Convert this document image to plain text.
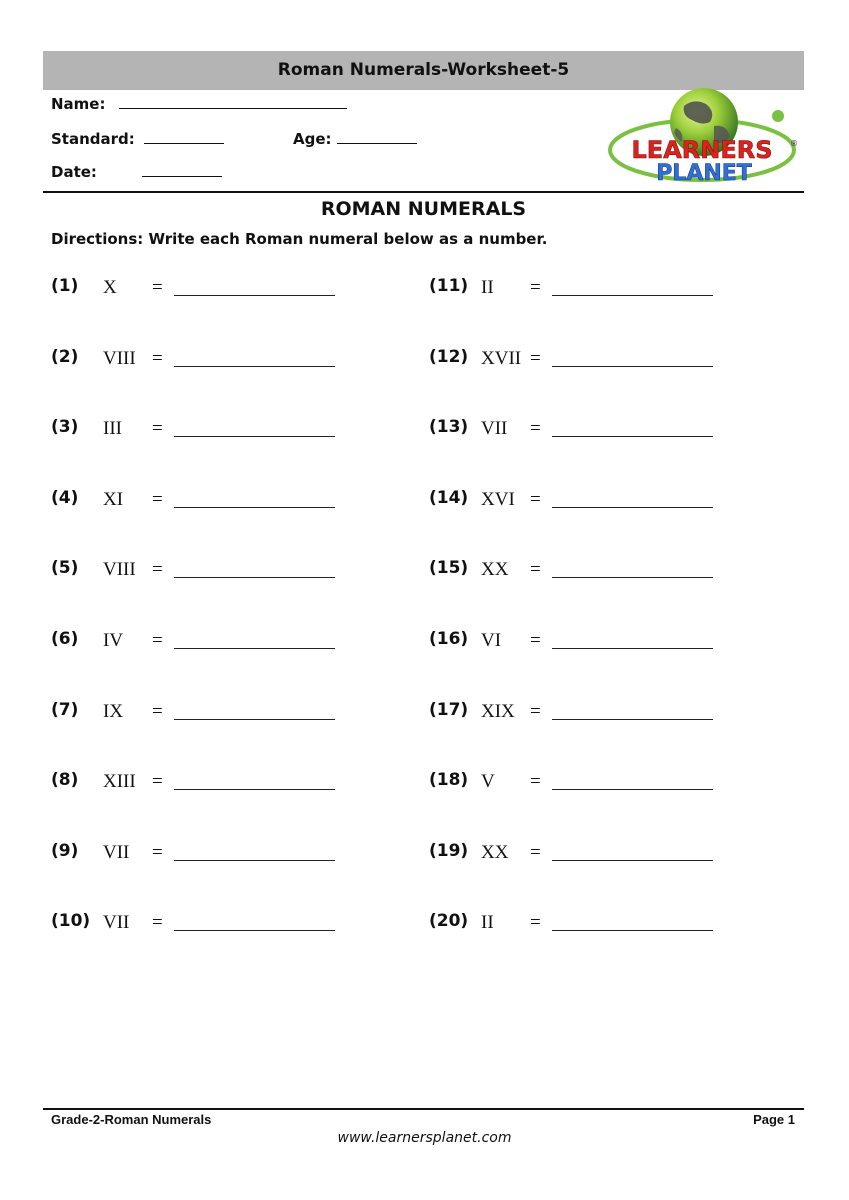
Roman Numerals-Worksheet-5
Name:
Standard:	Age:
Date:
LEARNERS ®
PLANET
ROMAN NUMERALS
Directions: Write each Roman numeral below as a number.
(1) X =
(2) VIII =
(3) III =
(4) XI =
(5) VIII =
(6) IV =
(7) IX =
(8) XIII =
(9) VII =
(10) VII =
(11) II =
(12) XVII =
(13) VII =
(14) XVI =
(15) XX =
(16) VI =
(17) XIX =
(18) V =
(19) XX =
(20) II =
Grade-2-Roman Numerals	Page 1
www.learnersplanet.com
